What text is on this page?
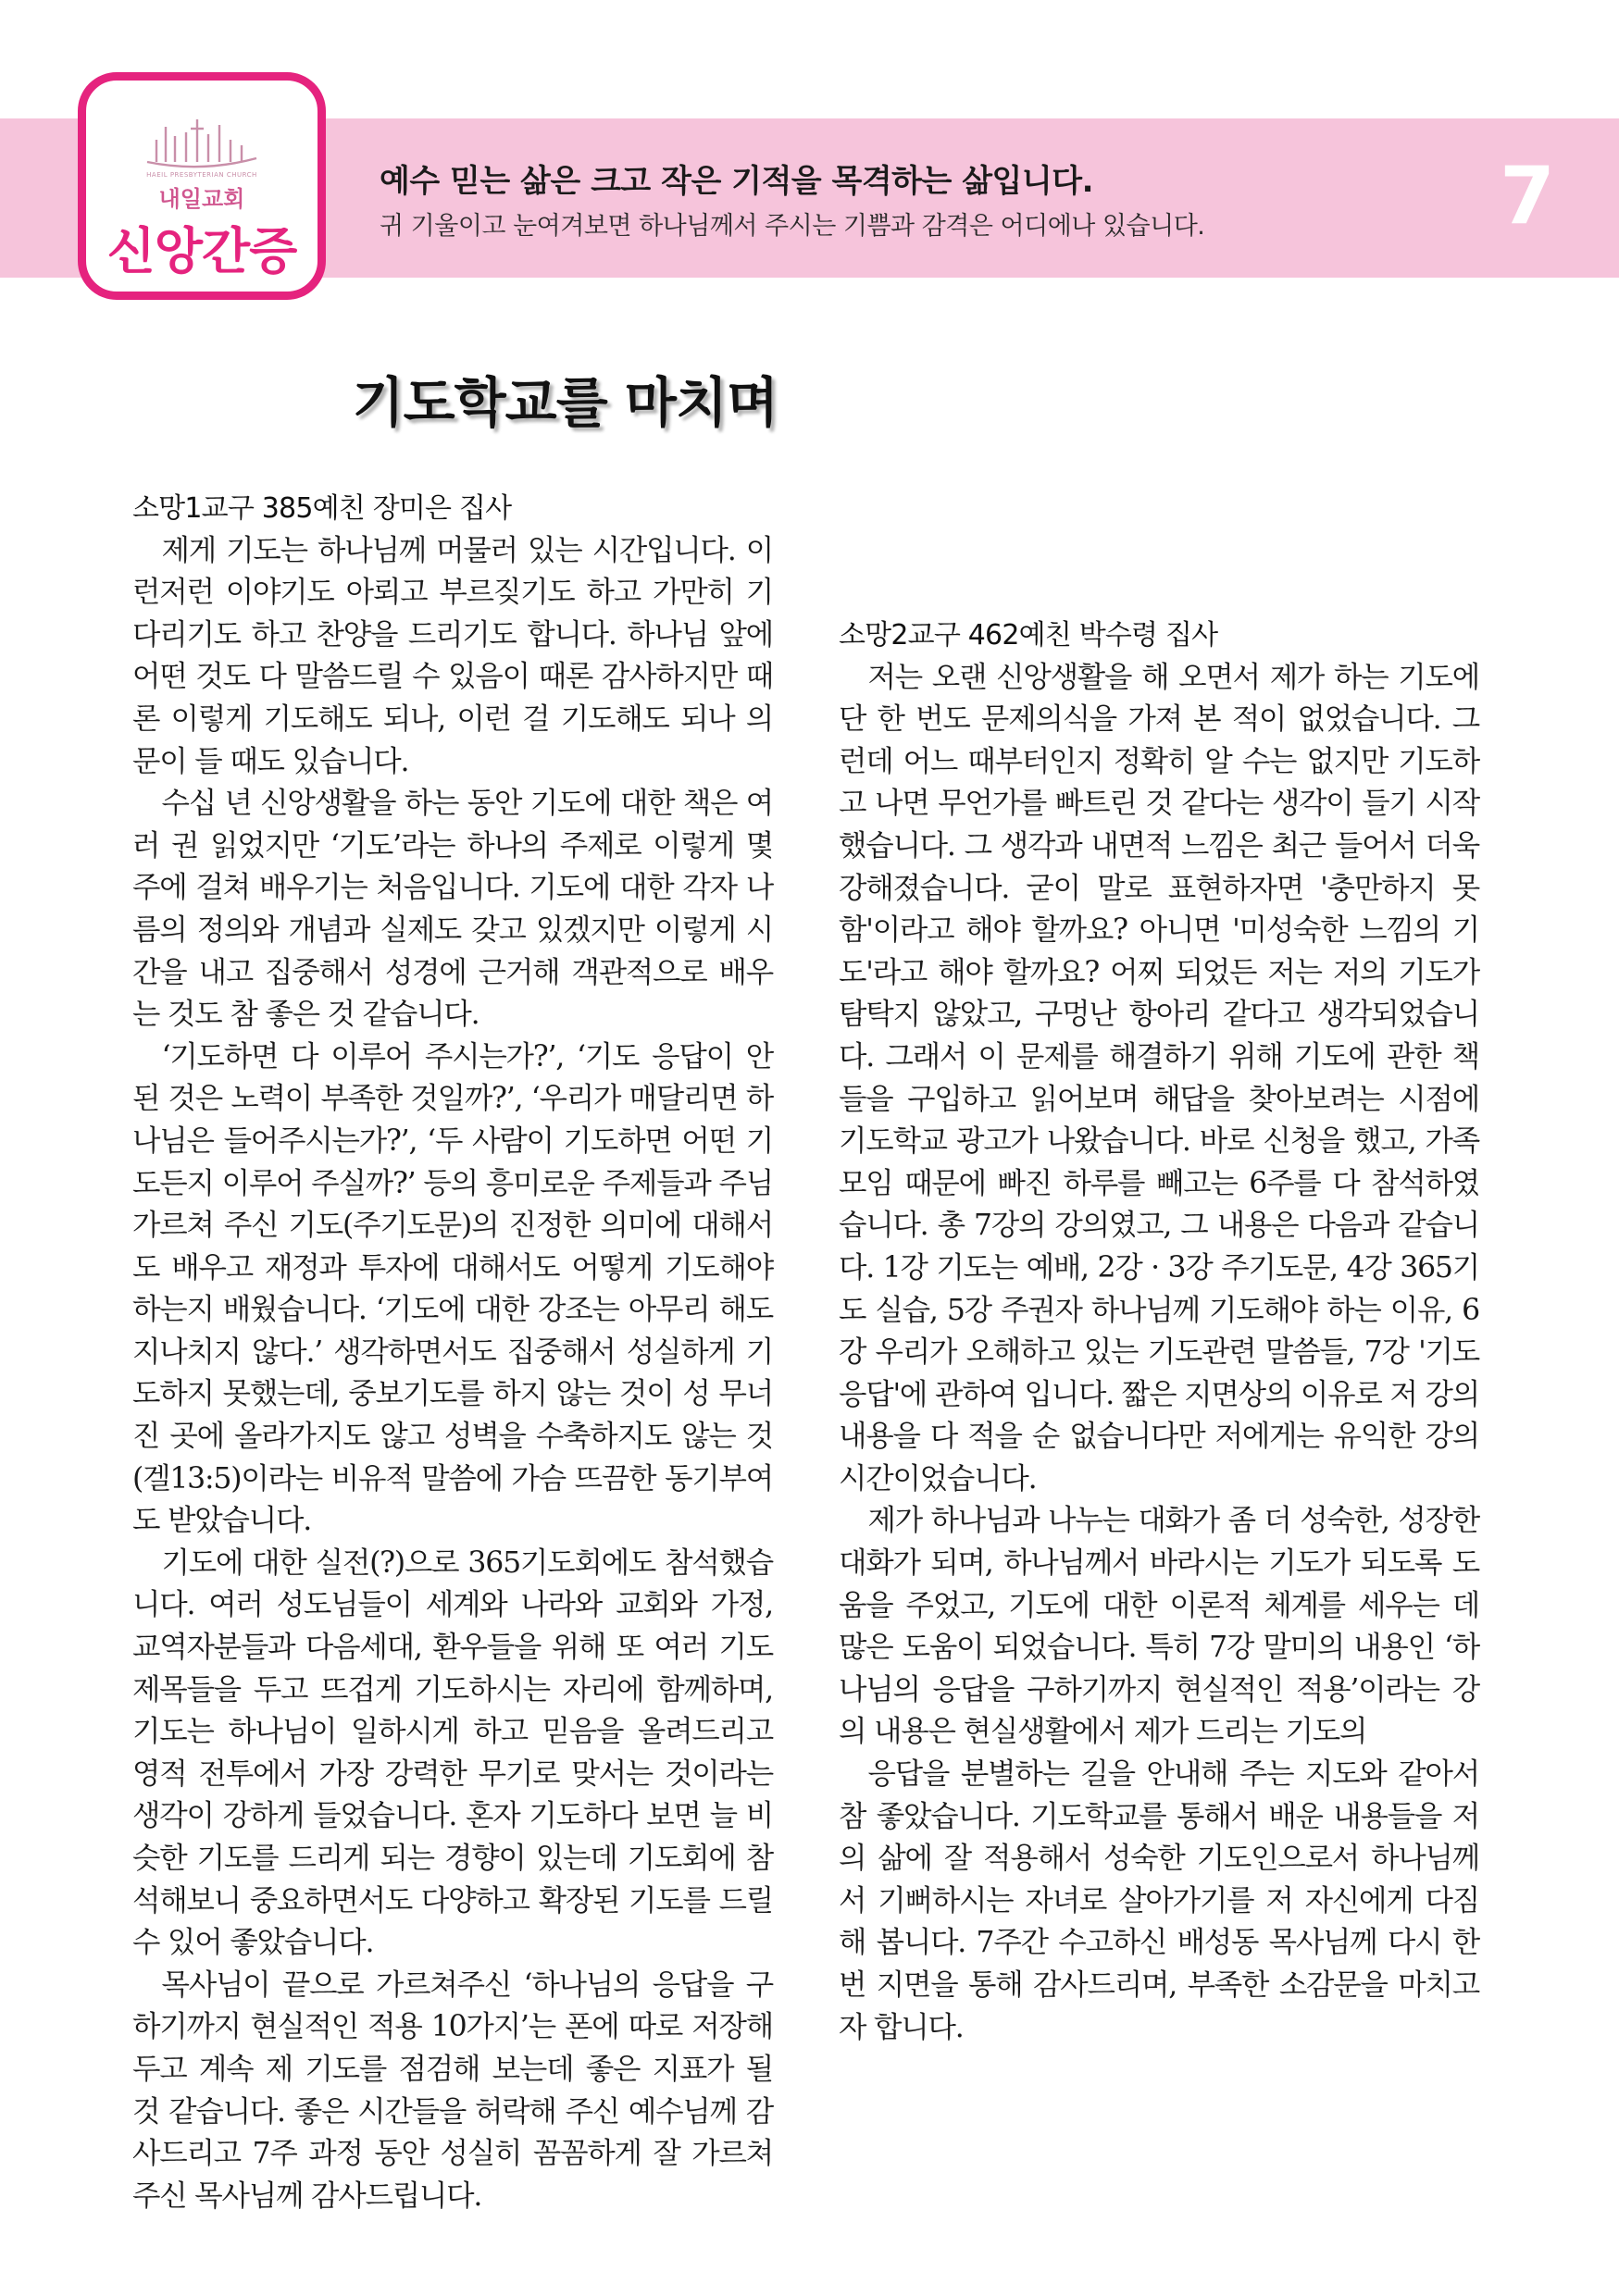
HAEIL PRESBYTERIAN CHURCH
내일교회
신앙간증
예수 믿는 삶은 크고 작은 기적을 목격하는 삶입니다.
귀 기울이고 눈여겨보면 하나님께서 주시는 기쁨과 감격은 어디에나 있습니다.	7
기도학교를 마치며
소망1교구 385예친 장미은 집사

제게 기도는 하나님께 머물러 있는 시간입니다. 이런저런 이야기도 아뢰고 부르짖기도 하고 가만히 기다리기도 하고 찬양을 드리기도 합니다. 하나님 앞에 어떤 것도 다 말씀드릴 수 있음이 때론 감사하지만 때론 이렇게 기도해도 되나, 이런 걸 기도해도 되나 의문이 들 때도 있습니다.

수십 년 신앙생활을 하는 동안 기도에 대한 책은 여러 권 읽었지만 ‘기도’라는 하나의 주제로 이렇게 몇 주에 걸쳐 배우기는 처음입니다. 기도에 대한 각자 나름의 정의와 개념과 실제도 갖고 있겠지만 이렇게 시간을 내고 집중해서 성경에 근거해 객관적으로 배우는 것도 참 좋은 것 같습니다.

‘기도하면 다 이루어 주시는가?’, ‘기도 응답이 안 된 것은 노력이 부족한 것일까?’, ‘우리가 매달리면 하나님은 들어주시는가?’, ‘두 사람이 기도하면 어떤 기도든지 이루어 주실까?’ 등의 흥미로운 주제들과 주님 가르쳐 주신 기도(주기도문)의 진정한 의미에 대해서도 배우고 재정과 투자에 대해서도 어떻게 기도해야 하는지 배웠습니다. ‘기도에 대한 강조는 아무리 해도 지나치지 않다.’ 생각하면서도 집중해서 성실하게 기도하지 못했는데, 중보기도를 하지 않는 것이 성 무너진 곳에 올라가지도 않고 성벽을 수축하지도 않는 것(겔13:5)이라는 비유적 말씀에 가슴 뜨끔한 동기부여도 받았습니다.

기도에 대한 실전(?)으로 365기도회에도 참석했습니다. 여러 성도님들이 세계와 나라와 교회와 가정, 교역자분들과 다음세대, 환우들을 위해 또 여러 기도 제목들을 두고 뜨겁게 기도하시는 자리에 함께하며, 기도는 하나님이 일하시게 하고 믿음을 올려드리고 영적 전투에서 가장 강력한 무기로 맞서는 것이라는 생각이 강하게 들었습니다. 혼자 기도하다 보면 늘 비슷한 기도를 드리게 되는 경향이 있는데 기도회에 참석해보니 중요하면서도 다양하고 확장된 기도를 드릴 수 있어 좋았습니다.

목사님이 끝으로 가르쳐주신 ‘하나님의 응답을 구하기까지 현실적인 적용 10가지’는 폰에 따로 저장해두고 계속 제 기도를 점검해 보는데 좋은 지표가 될 것 같습니다. 좋은 시간들을 허락해 주신 예수님께 감사드리고 7주 과정 동안 성실히 꼼꼼하게 잘 가르쳐주신 목사님께 감사드립니다.

소망2교구 462예친 박수령 집사

저는 오랜 신앙생활을 해 오면서 제가 하는 기도에 단 한 번도 문제의식을 가져 본 적이 없었습니다. 그런데 어느 때부터인지 정확히 알 수는 없지만 기도하고 나면 무언가를 빠트린 것 같다는 생각이 들기 시작했습니다. 그 생각과 내면적 느낌은 최근 들어서 더욱 강해졌습니다. 굳이 말로 표현하자면 '충만하지 못함'이라고 해야 할까요? 아니면 '미성숙한 느낌의 기도'라고 해야 할까요? 어찌 되었든 저는 저의 기도가 탐탁지 않았고, 구멍난 항아리 같다고 생각되었습니다. 그래서 이 문제를 해결하기 위해 기도에 관한 책들을 구입하고 읽어보며 해답을 찾아보려는 시점에 기도학교 광고가 나왔습니다. 바로 신청을 했고, 가족 모임 때문에 빠진 하루를 빼고는 6주를 다 참석하였습니다. 총 7강의 강의였고, 그 내용은 다음과 같습니다. 1강 기도는 예배, 2강 · 3강 주기도문, 4강 365기도 실습, 5강 주권자 하나님께 기도해야 하는 이유, 6강 우리가 오해하고 있는 기도관련 말씀들, 7강 '기도 응답'에 관하여 입니다. 짧은 지면상의 이유로 저 강의 내용을 다 적을 순 없습니다만 저에게는 유익한 강의 시간이었습니다.

제가 하나님과 나누는 대화가 좀 더 성숙한, 성장한 대화가 되며, 하나님께서 바라시는 기도가 되도록 도움을 주었고, 기도에 대한 이론적 체계를 세우는 데 많은 도움이 되었습니다. 특히 7강 말미의 내용인 ‘하나님의 응답을 구하기까지 현실적인 적용’이라는 강의 내용은 현실생활에서 제가 드리는 기도의

응답을 분별하는 길을 안내해 주는 지도와 같아서 참 좋았습니다. 기도학교를 통해서 배운 내용들을 저의 삶에 잘 적용해서 성숙한 기도인으로서 하나님께서 기뻐하시는 자녀로 살아가기를 저 자신에게 다짐해 봅니다. 7주간 수고하신 배성동 목사님께 다시 한 번 지면을 통해 감사드리며, 부족한 소감문을 마치고자 합니다.
